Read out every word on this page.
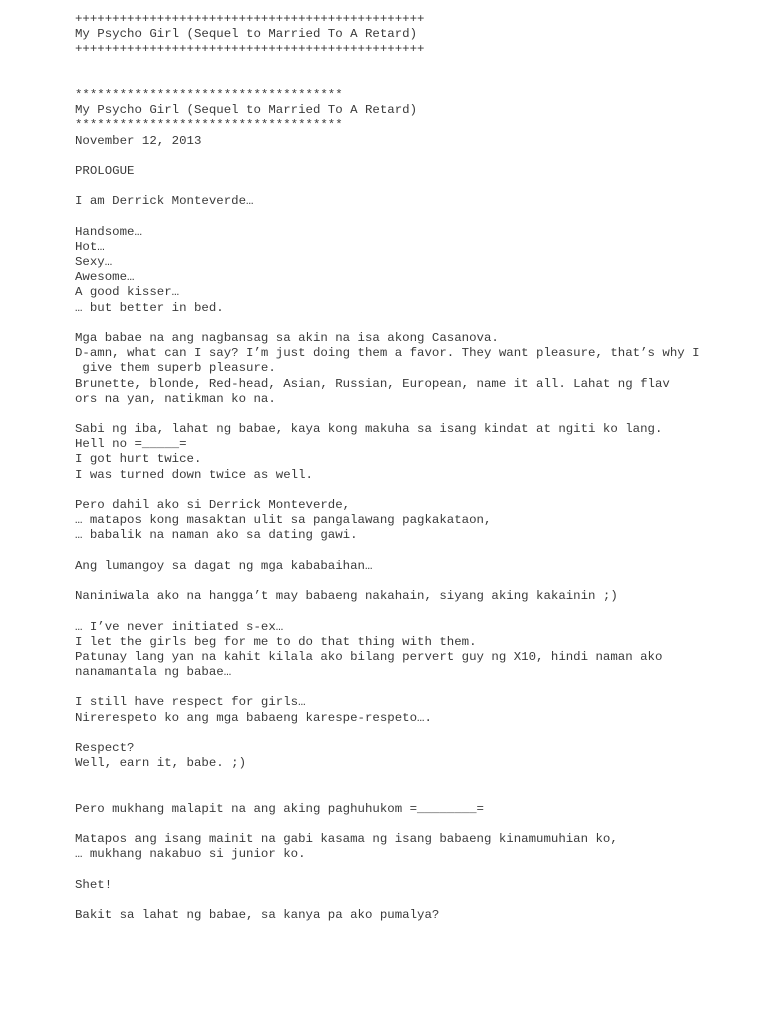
+++++++++++++++++++++++++++++++++++++++++++++++
My Psycho Girl (Sequel to Married To A Retard)
+++++++++++++++++++++++++++++++++++++++++++++++
************************************
My Psycho Girl (Sequel to Married To A Retard)
************************************
November 12, 2013
PROLOGUE
I am Derrick Monteverde…
Handsome…
Hot…
Sexy…
Awesome…
A good kisser…
… but better in bed.
Mga babae na ang nagbansag sa akin na isa akong Casanova.
D-amn, what can I say? I’m just doing them a favor. They want pleasure, that’s why I
give them superb pleasure.
Brunette, blonde, Red-head, Asian, Russian, European, name it all. Lahat ng flav
ors na yan, natikman ko na.
Sabi ng iba, lahat ng babae, kaya kong makuha sa isang kindat at ngiti ko lang.
Hell no =_____=
I got hurt twice.
I was turned down twice as well.
Pero dahil ako si Derrick Monteverde,
… matapos kong masaktan ulit sa pangalawang pagkakataon,
… babalik na naman ako sa dating gawi.
Ang lumangoy sa dagat ng mga kababaihan…
Naniniwala ako na hangga’t may babaeng nakahain, siyang aking kakainin ;)
… I’ve never initiated s-ex…
I let the girls beg for me to do that thing with them.
Patunay lang yan na kahit kilala ako bilang pervert guy ng X10, hindi naman ako
nanamantala ng babae…
I still have respect for girls…
Nirerespeto ko ang mga babaeng karespe-respeto….
Respect?
Well, earn it, babe. ;)
Pero mukhang malapit na ang aking paghuhukom =________=
Matapos ang isang mainit na gabi kasama ng isang babaeng kinamumuhian ko,
… mukhang nakabuo si junior ko.
Shet!
Bakit sa lahat ng babae, sa kanya pa ako pumalya?
